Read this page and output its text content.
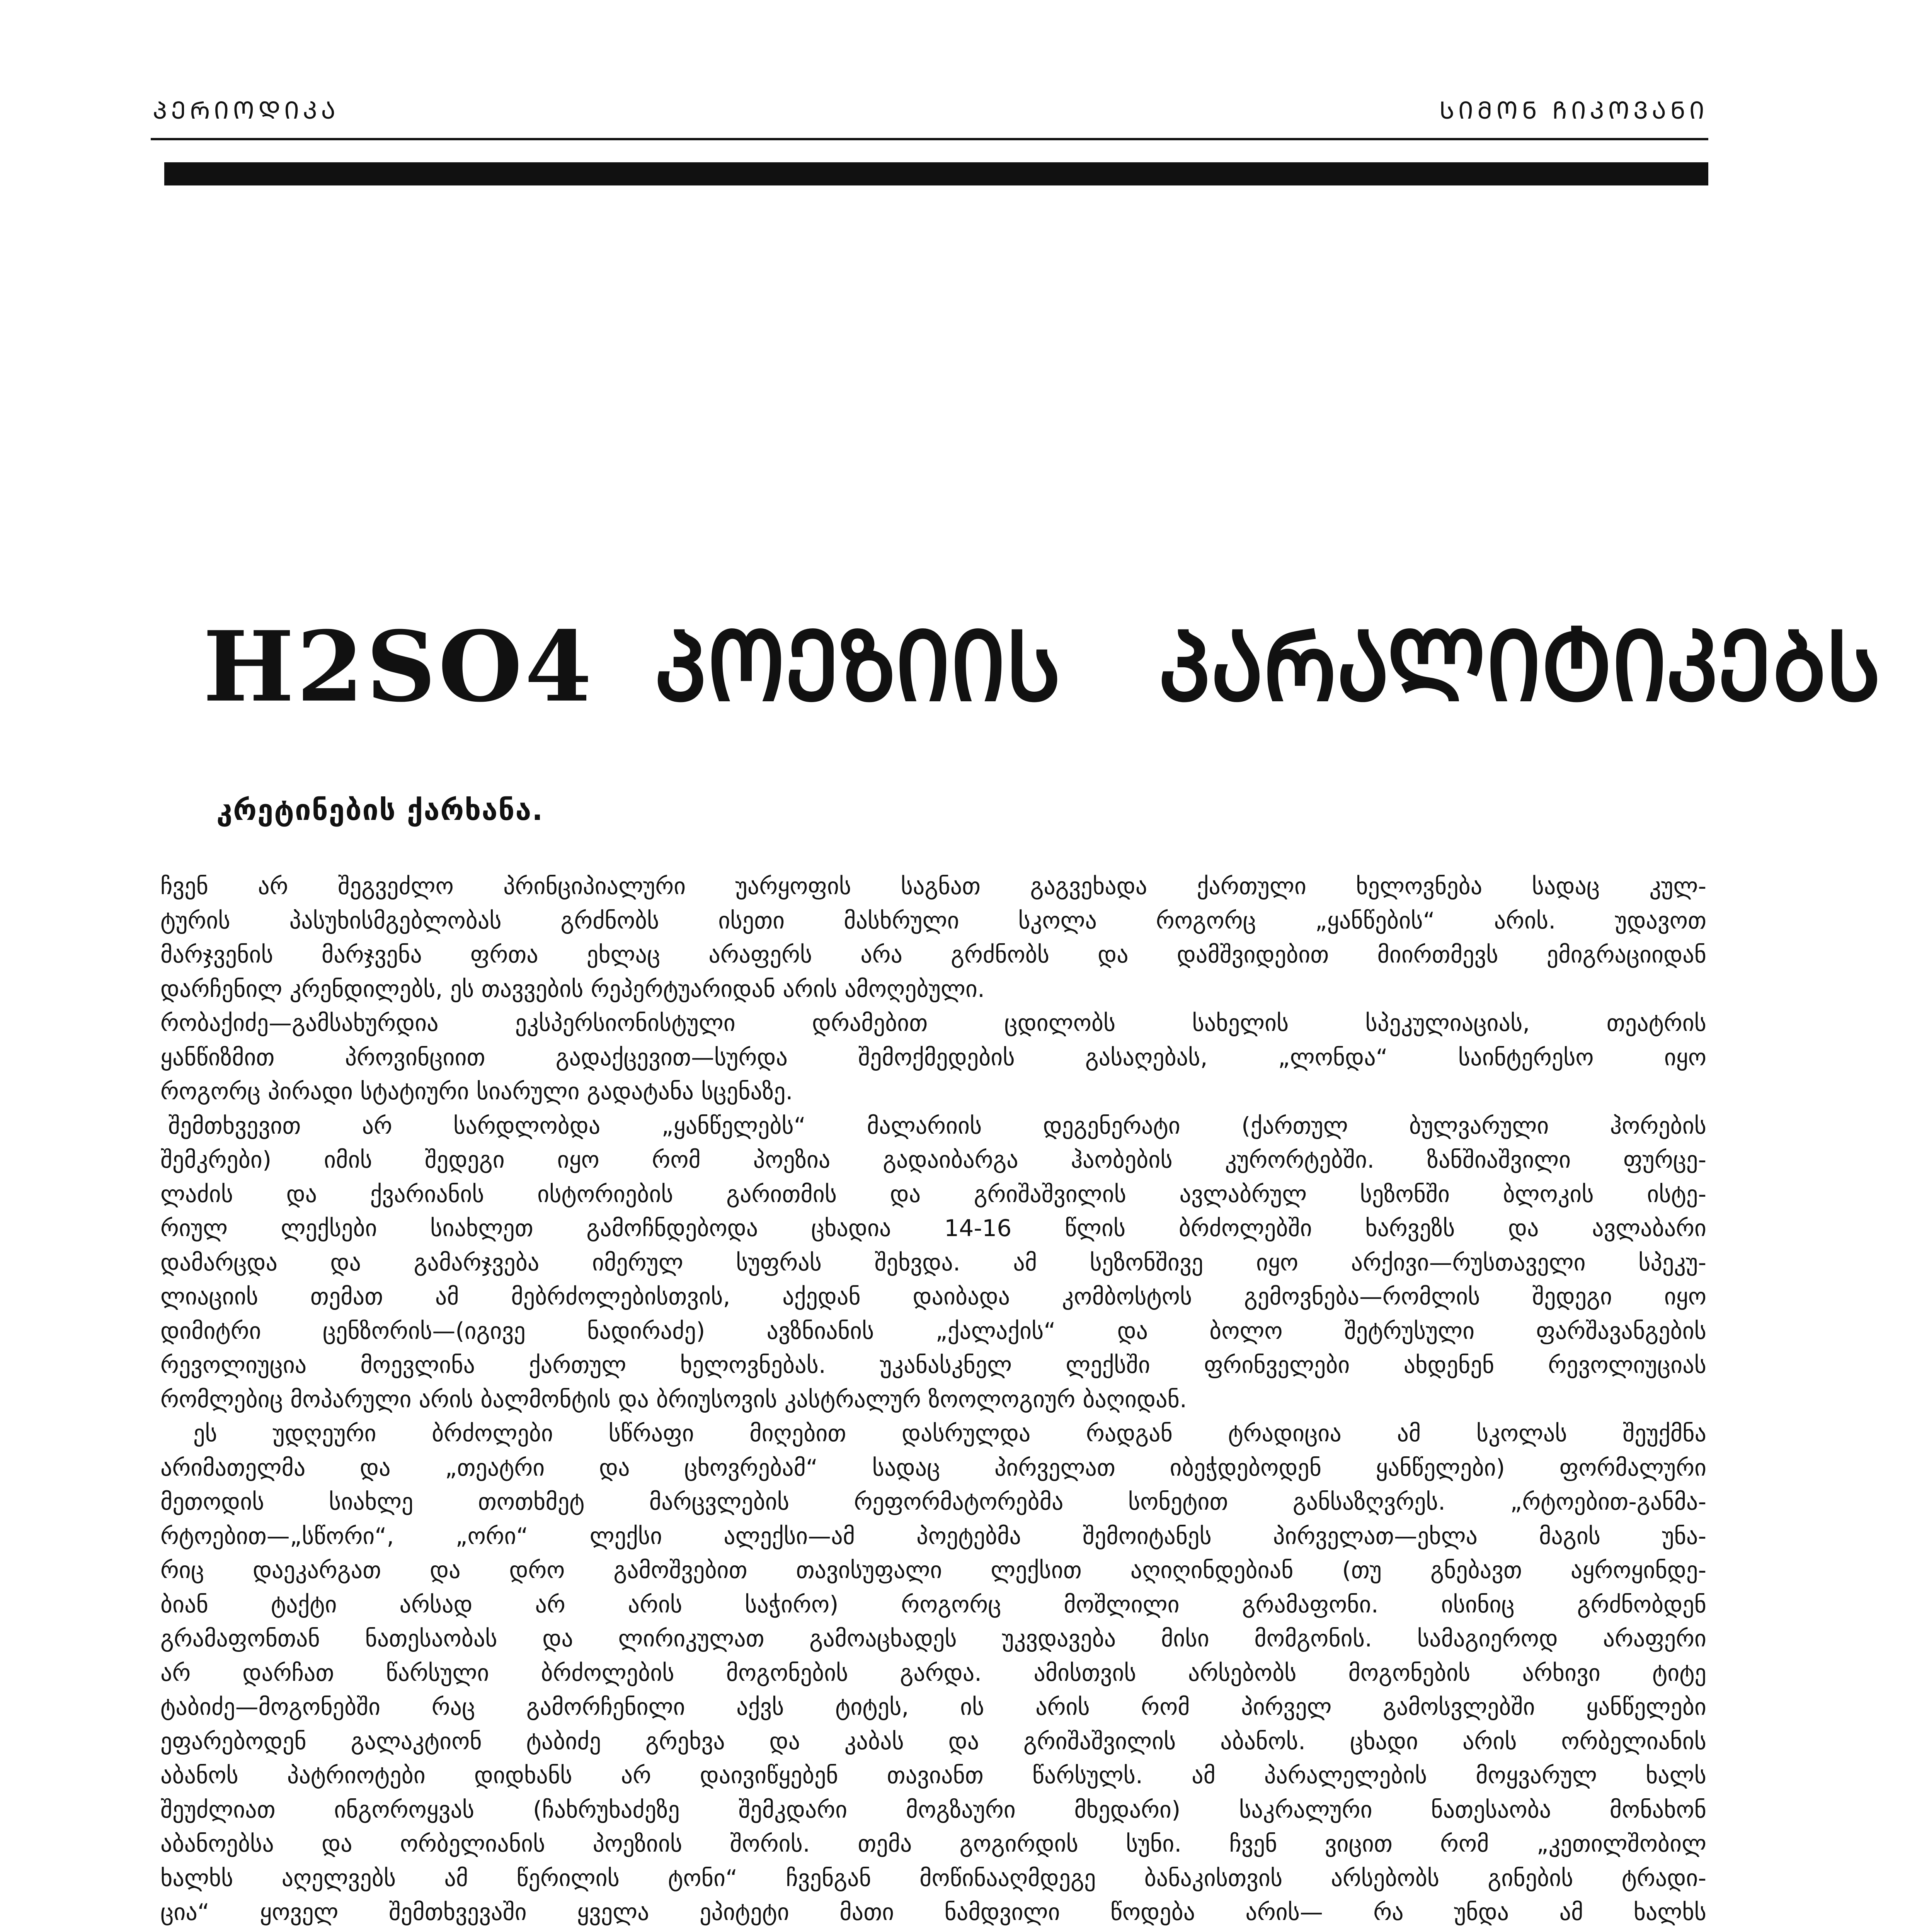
ᲞᲔᲠᲘᲝᲓᲘᲙᲐ	ᲡᲘᲛᲝᲜ ᲩᲘᲙᲝᲕᲐᲜᲘ
H2SO4 ᲞᲝᲔᲖᲘᲘᲡ ᲞᲐᲠᲐᲚᲘᲢᲘᲙᲔᲑᲡ
კრეტინების ქარხანა.
ჩვენ არ შეგვეძლო პრინციპიალური უარყოფის საგნათ გაგვეხადა ქართული ხელოვნება სადაც კულ-
ტურის პასუხისმგებლობას გრძნობს ისეთი მასხრული სკოლა როგორც „ყანწების“ არის. უდავოთ
მარჯვენის მარჯვენა ფრთა ეხლაც არაფერს არა გრძნობს და დამშვიდებით მიირთმევს ემიგრაციიდან
დარჩენილ კრენდილებს, ეს თავვების რეპერტუარიდან არის ამოღებული.
რობაქიძე—გამსახურდია ეკსპერსიონისტული დრამებით ცდილობს სახელის სპეკულიაციას, თეატრის
ყანწიზმით პროვინციით გადაქცევით—სურდა შემოქმედების გასაღებას, „ლონდა“ საინტერესო იყო
როგორც პირადი სტატიური სიარული გადატანა სცენაზე.
შემთხვევით არ სარდლობდა „ყანწელებს“ მალარიის დეგენერატი (ქართულ ბულვარული ჰორების
შემკრები) იმის შედეგი იყო რომ პოეზია გადაიბარგა ჰაობების კურორტებში. ზანშიაშვილი ფურცე-
ლაძის და ქვარიანის ისტორიების გარითმის და გრიშაშვილის ავლაბრულ სეზონში ბლოკის ისტე-
რიულ ლექსები სიახლეთ გამოჩნდებოდა ცხადია 14-16 წლის ბრძოლებში ხარვეზს და ავლაბარი
დამარცდა და გამარჯვება იმერულ სუფრას შეხვდა. ამ სეზონშივე იყო არქივი—რუსთაველი სპეკუ-
ლიაციის თემათ ამ მებრძოლებისთვის, აქედან დაიბადა კომბოსტოს გემოვნება—რომლის შედეგი იყო
დიმიტრი ცენზორის—(იგივე ნადირაძე) ავზნიანის „ქალაქის“ და ბოლო შეტრუსული ფარშავანგების
რევოლიუცია მოევლინა ქართულ ხელოვნებას. უკანასკნელ ლექსში ფრინველები ახდენენ რევოლიუციას
რომლებიც მოპარული არის ბალმონტის და ბრიუსოვის კასტრალურ ზოოლოგიურ ბაღიდან.
ეს უდღეური ბრძოლები სწრაფი მიღებით დასრულდა რადგან ტრადიცია ამ სკოლას შეუქმნა
არიმათელმა და „თეატრი და ცხოვრებამ“ სადაც პირველათ იბეჭდებოდენ ყანწელები) ფორმალური
მეთოდის სიახლე თოთხმეტ მარცვლების რეფორმატორებმა სონეტით განსაზღვრეს. „რტოებით-განმა-
რტოებით—„სწორი“, „ორი“ ლექსი ალექსი—ამ პოეტებმა შემოიტანეს პირველათ—ეხლა მაგის უნა-
რიც დაეკარგათ და დრო გამოშვებით თავისუფალი ლექსით აღიღინდებიან (თუ გნებავთ აყროყინდე-
ბიან ტაქტი არსად არ არის საჭირო) როგორც მოშლილი გრამაფონი. ისინიც გრძნობდენ
გრამაფონთან ნათესაობას და ლირიკულათ გამოაცხადეს უკვდავება მისი მომგონის. სამაგიეროდ არაფერი
არ დარჩათ წარსული ბრძოლების მოგონების გარდა. ამისთვის არსებობს მოგონების არხივი ტიტე
ტაბიძე—მოგონებში რაც გამორჩენილი აქვს ტიტეს, ის არის რომ პირველ გამოსვლებში ყანწელები
ეფარებოდენ გალაკტიონ ტაბიძე გრეხვა და კაბას და გრიშაშვილის აბანოს. ცხადი არის ორბელიანის
აბანოს პატრიოტები დიდხანს არ დაივიწყებენ თავიანთ წარსულს. ამ პარალელების მოყვარულ ხალს
შეუძლიათ ინგოროყვას (ჩახრუხაძეზე შემკდარი მოგზაური მხედარი) საკრალური ნათესაობა მონახონ
აბანოებსა და ორბელიანის პოეზიის შორის. თემა გოგირდის სუნი. ჩვენ ვიცით რომ „კეთილშობილ
ხალხს აღელვებს ამ წერილის ტონი“ ჩვენგან მოწინააღმდეგე ბანაკისთვის არსებობს გინების ტრადი-
ცია“ ყოველ შემთხვევაში ყველა ეპიტეტი მათი ნამდვილი წოდება არის— რა უნდა ამ ხალხს
